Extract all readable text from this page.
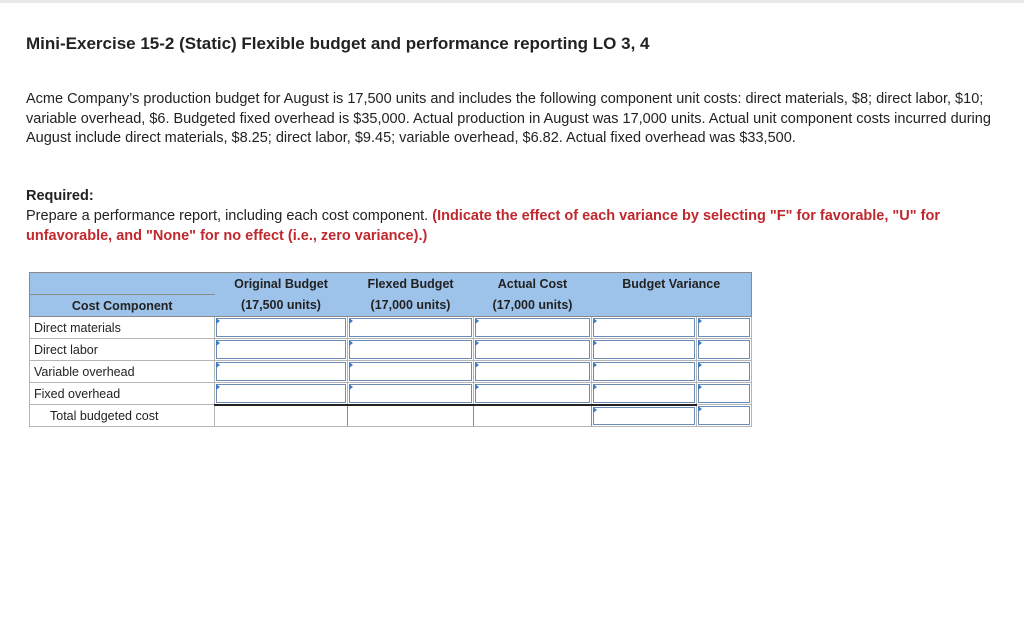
Mini-Exercise 15-2 (Static) Flexible budget and performance reporting LO 3, 4

Acme Company’s production budget for August is 17,500 units and includes the following component unit costs: direct materials, $8; direct labor, $10; variable overhead, $6. Budgeted fixed overhead is $35,000. Actual production in August was 17,000 units. Actual unit component costs incurred during August include direct materials, $8.25; direct labor, $9.45; variable overhead, $6.82. Actual fixed overhead was $33,500.

Required:

Prepare a performance report, including each cost component. (Indicate the effect of each variance by selecting "F" for favorable, "U" for unfavorable, and "None" for no effect (i.e., zero variance).)

	Original Budget	Flexed Budget	Actual Cost	Budget Variance	
Cost Component	(17,500 units)	(17,000 units)	(17,000 units)		
Direct materials	

Direct labor	

Variable overhead	

Fixed overhead	

Total budgeted cost				
